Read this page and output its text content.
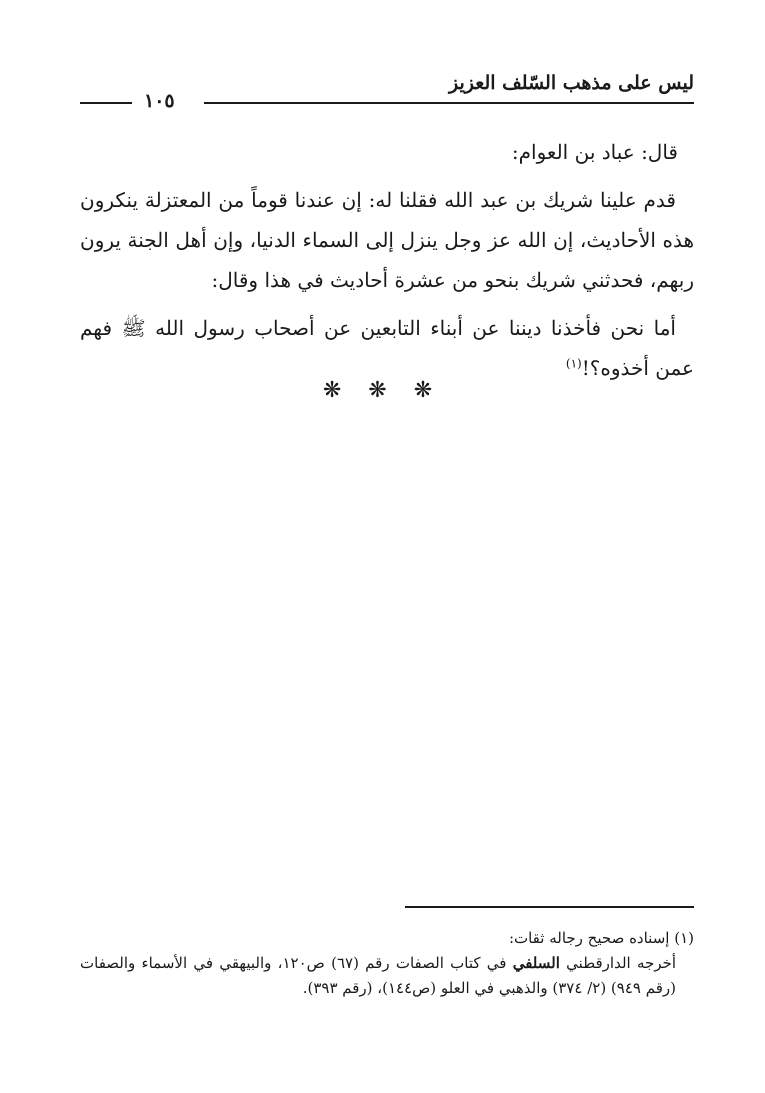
ليس على مذهب السّلف العزيز
١٠٥

قال: عباد بن العوام:

قدم علينا شريك بن عبد الله فقلنا له: إن عندنا قوماً من المعتزلة ينكرون هذه الأحاديث، إن الله عز وجل ينزل إلى السماء الدنيا، وإن أهل الجنة يرون ربهم، فحدثني شريك بنحو من عشرة أحاديث في هذا وقال:

أما نحن فأخذنا ديننا عن أبناء التابعين عن أصحاب رسول الله ﷺ فهم عمن أخذوه؟!$^{(١)}$

❋ ❋ ❋

(١) إسناده صحيح رجاله ثقات:

أخرجه الدارقطني السلفي في كتاب الصفات رقم (٦٧) ص١٢٠، والبيهقي في الأسماء والصفات (رقم ٩٤٩) (٢/ ٣٧٤) والذهبي في العلو (ص١٤٤)، (رقم ٣٩٣).
